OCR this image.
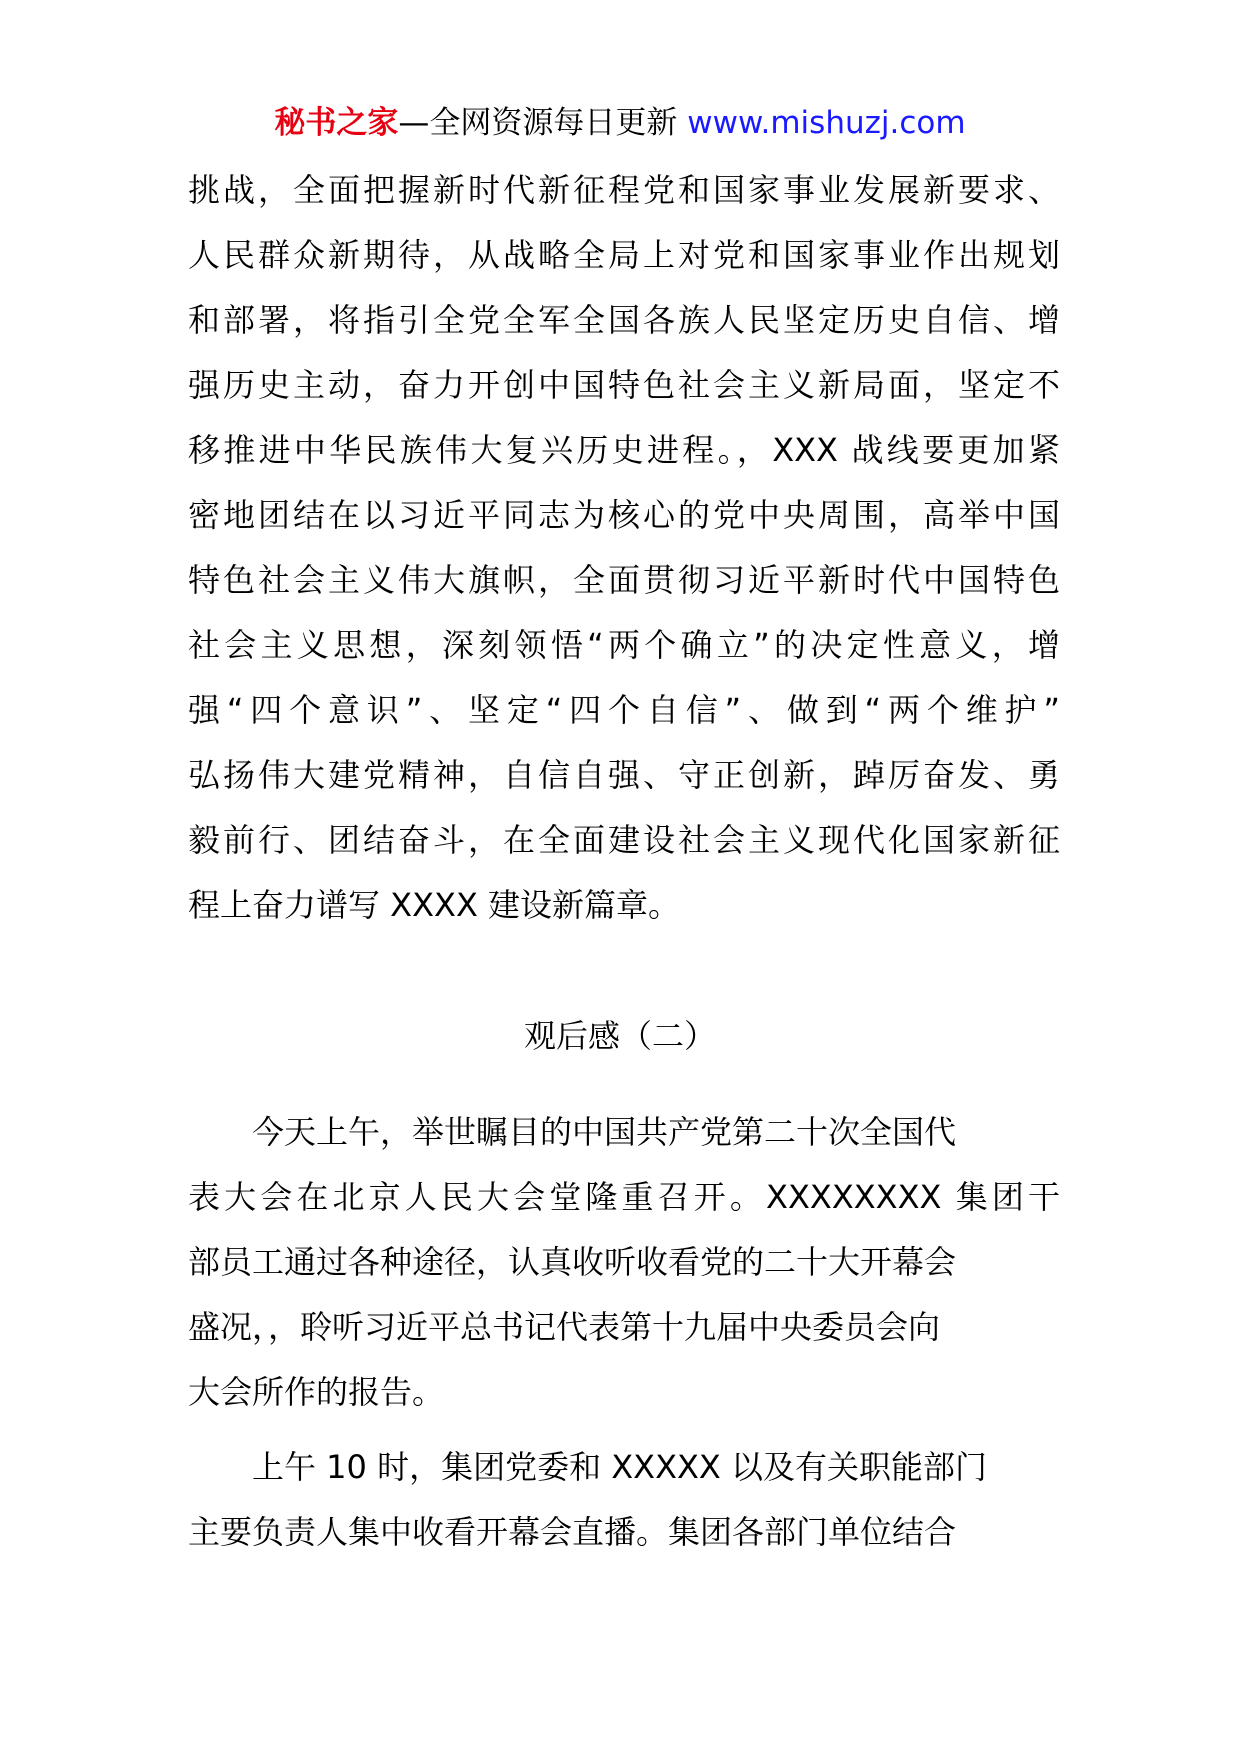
秘书之家—全网资源每日更新 www.mishuzj.com
挑战，全面把握新时代新征程党和国家事业发展新要求、
人民群众新期待，从战略全局上对党和国家事业作出规划
和部署，将指引全党全军全国各族人民坚定历史自信、增
强历史主动，奋力开创中国特色社会主义新局面，坚定不
移推进中华民族伟大复兴历史进程。，XXX 战线要更加紧
密地团结在以习近平同志为核心的党中央周围，高举中国
特色社会主义伟大旗帜，全面贯彻习近平新时代中国特色
社会主义思想，深刻领悟“两个确立”的决定性意义，增
强“四个意识”、坚定“四个自信”、做到“两个维护”
弘扬伟大建党精神，自信自强、守正创新，踔厉奋发、勇
毅前行、团结奋斗，在全面建设社会主义现代化国家新征
程上奋力谱写 XXXX 建设新篇章。
观后感（二）
今天上午，举世瞩目的中国共产党第二十次全国代
表大会在北京人民大会堂隆重召开。XXXXXXXX 集团干
部员工通过各种途径，认真收听收看党的二十大开幕会
盛况，，聆听习近平总书记代表第十九届中央委员会向
大会所作的报告。
上午 10 时，集团党委和 XXXXX 以及有关职能部门
主要负责人集中收看开幕会直播。集团各部门单位结合
